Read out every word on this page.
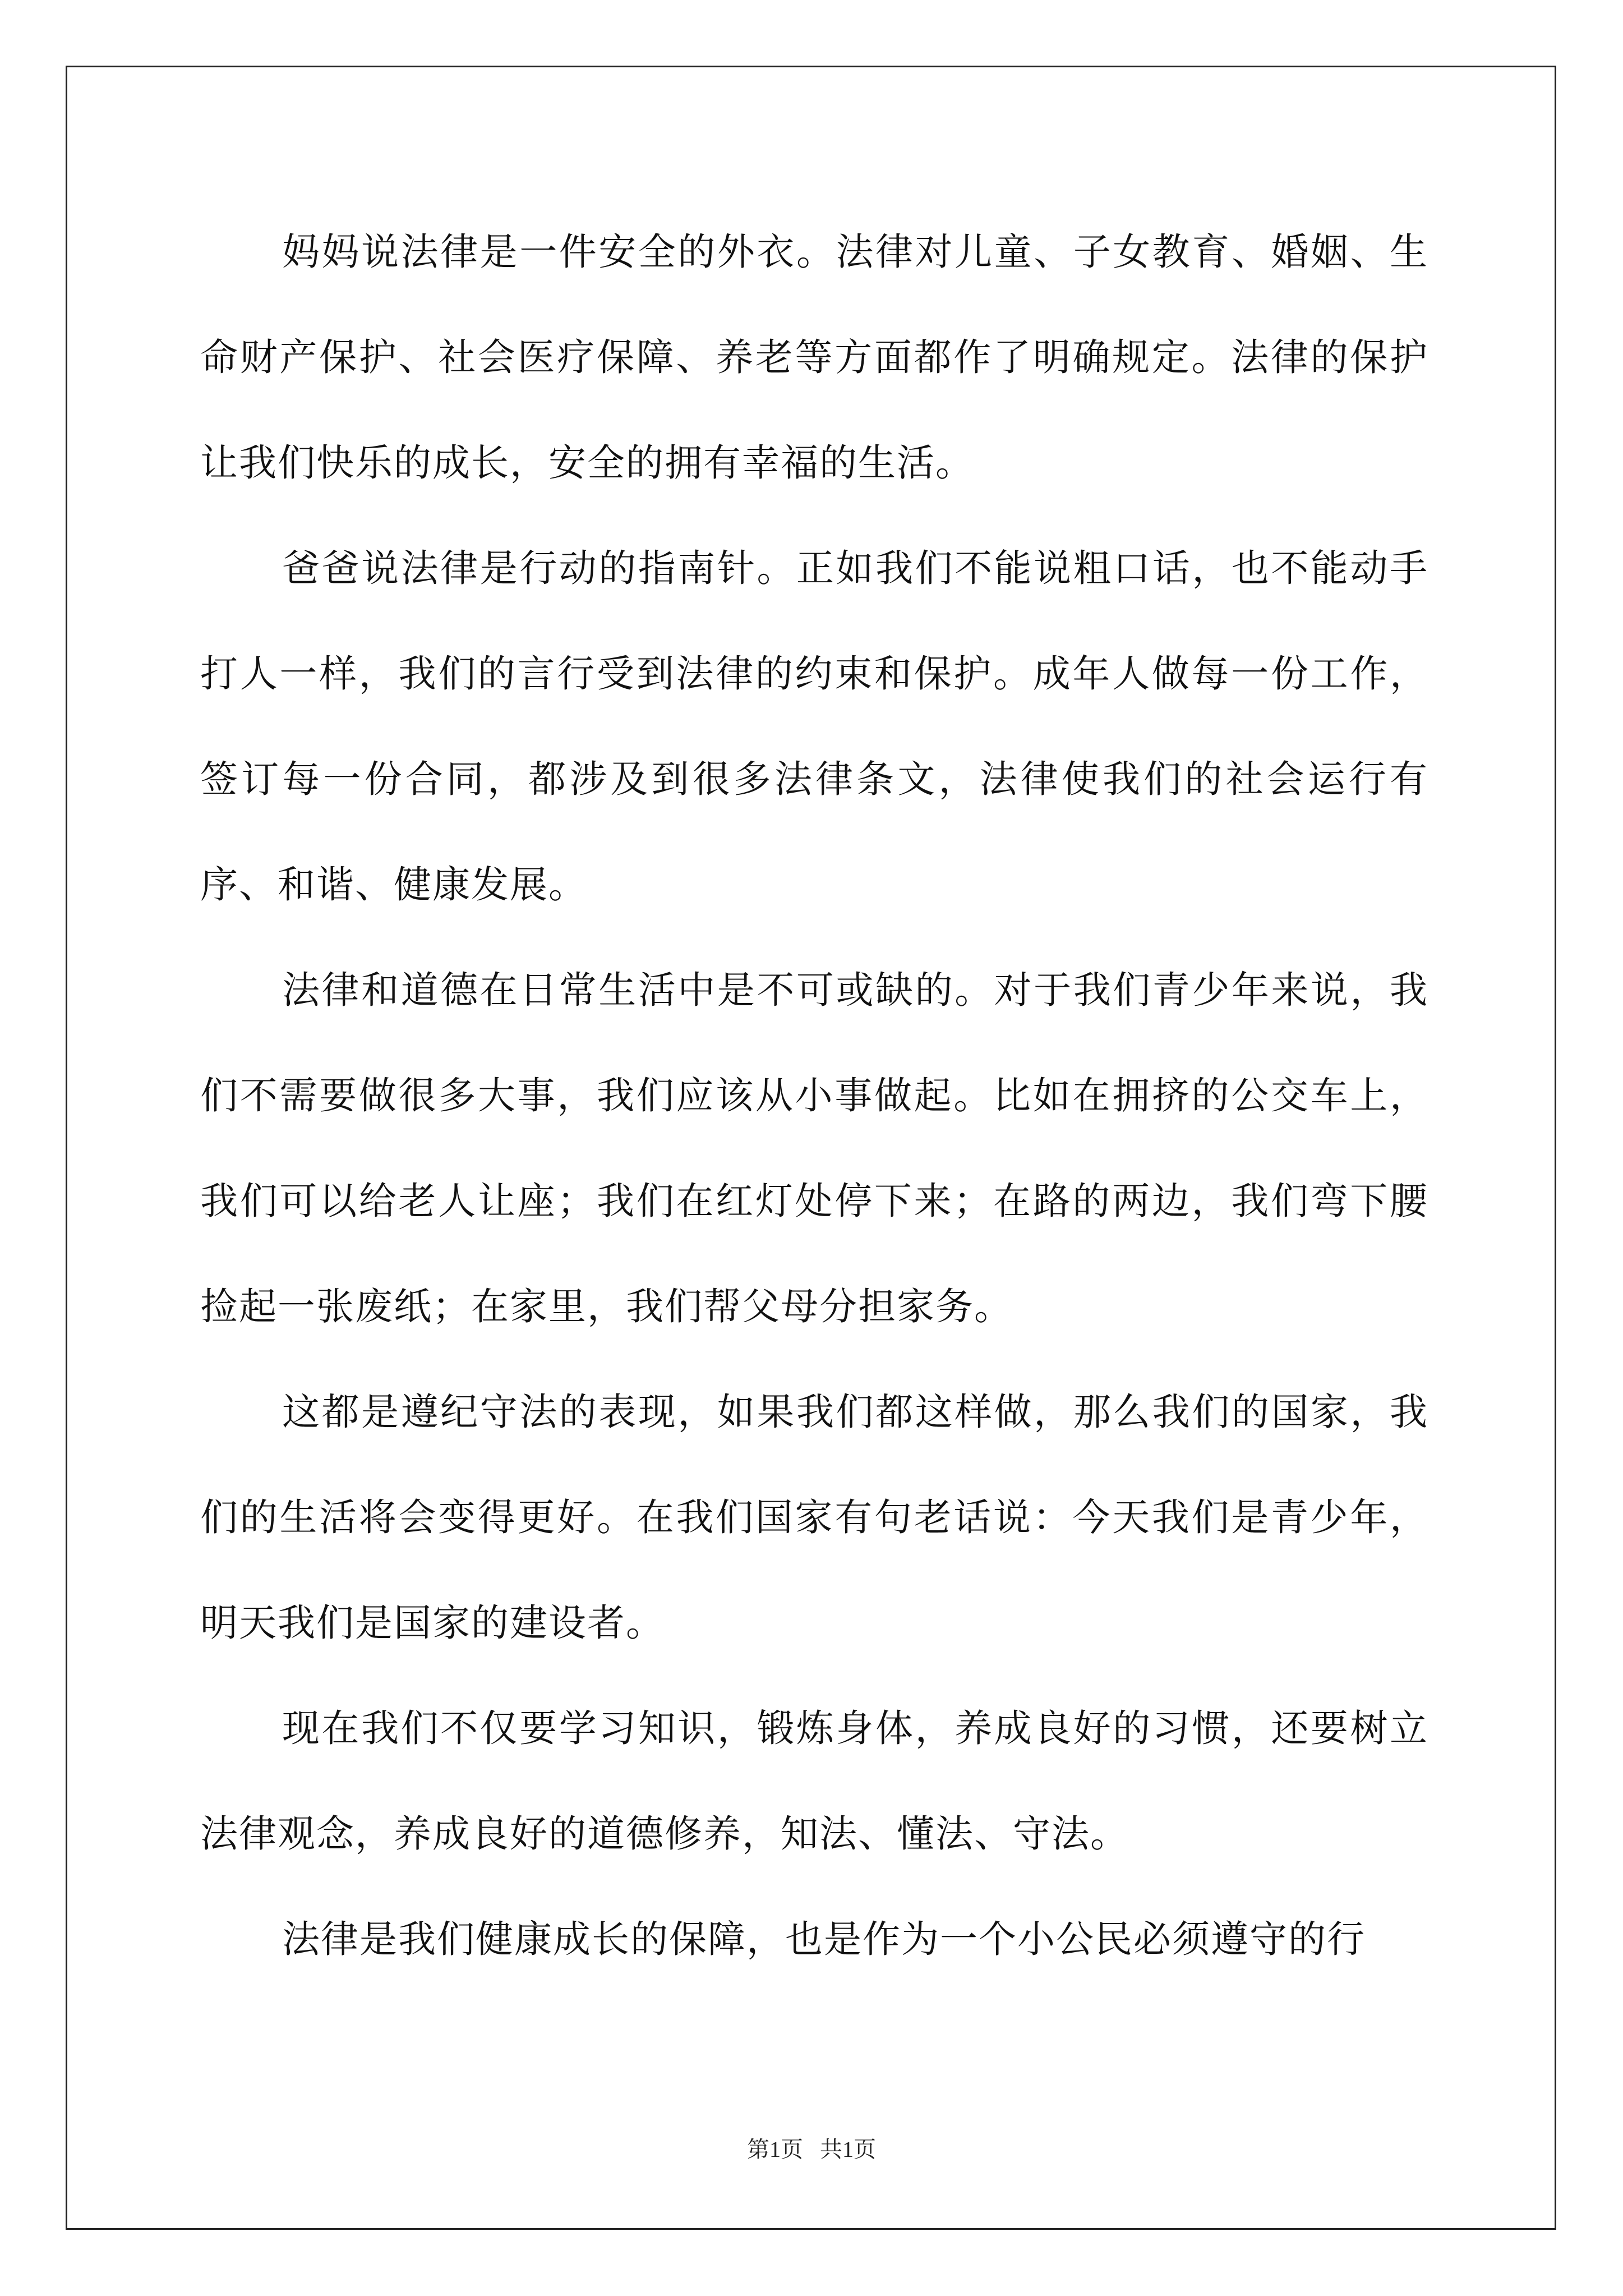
妈妈说法律是一件安全的外衣。法律对儿童、子女教育、婚姻、生命财产保护、社会医疗保障、养老等方面都作了明确规定。法律的保护让我们快乐的成长，安全的拥有幸福的生活。

爸爸说法律是行动的指南针。正如我们不能说粗口话，也不能动手打人一样，我们的言行受到法律的约束和保护。成年人做每一份工作，签订每一份合同，都涉及到很多法律条文，法律使我们的社会运行有序、和谐、健康发展。

法律和道德在日常生活中是不可或缺的。对于我们青少年来说，我们不需要做很多大事，我们应该从小事做起。比如在拥挤的公交车上，我们可以给老人让座；我们在红灯处停下来；在路的两边，我们弯下腰捡起一张废纸；在家里，我们帮父母分担家务。

这都是遵纪守法的表现，如果我们都这样做，那么我们的国家，我们的生活将会变得更好。在我们国家有句老话说：今天我们是青少年，明天我们是国家的建设者。

现在我们不仅要学习知识，锻炼身体，养成良好的习惯，还要树立法律观念，养成良好的道德修养，知法、懂法、守法。

法律是我们健康成长的保障，也是作为一个小公民必须遵守的行

第1页   共1页
